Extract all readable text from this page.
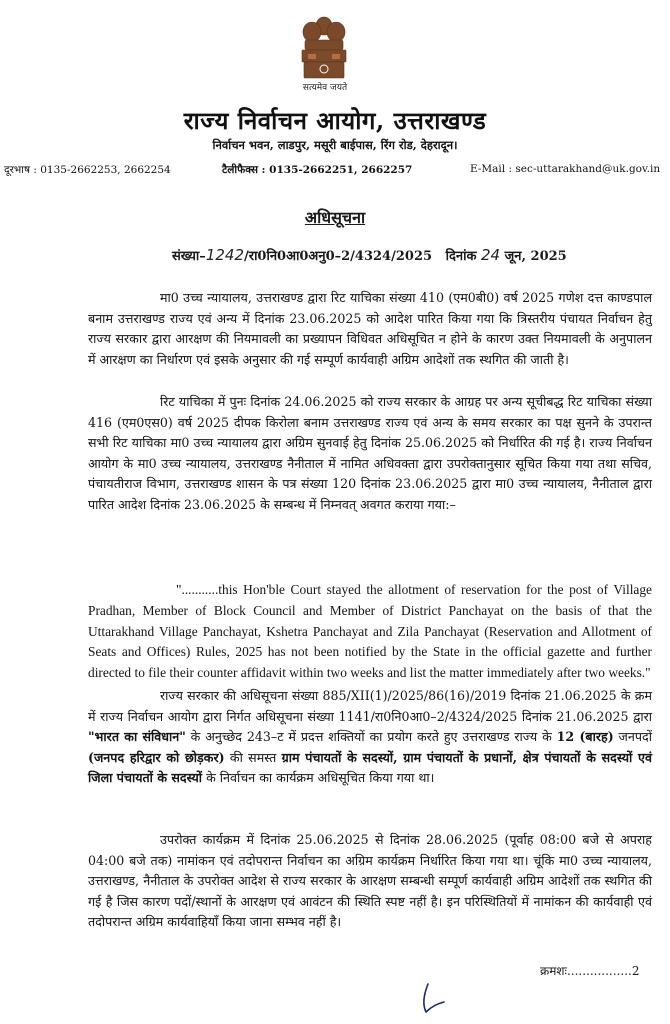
सत्यमेव जयते
राज्य निर्वाचन आयोग, उत्तराखण्ड
निर्वाचन भवन, लाडपुर, मसूरी बाईपास, रिंग रोड, देहरादून।
दूरभाष : 0135-2662253, 2662254	टैलीफैक्स : 0135-2662251, 2662257	E-Mail : sec-uttarakhand@uk.gov.in
अधिसूचना
संख्या–1242/रा0नि0आ0अनु0–2/4324/2025 दिनांक 24 जून, 2025
मा0 उच्च न्यायालय, उत्तराखण्ड द्वारा रिट याचिका संख्या 410 (एम0बी0) वर्ष 2025 गणेश दत्त काण्डपाल बनाम उत्तराखण्ड राज्य एवं अन्य में दिनांक 23.06.2025 को आदेश पारित किया गया कि त्रिस्तरीय पंचायत निर्वाचन हेतु राज्य सरकार द्वारा आरक्षण की नियमावली का प्रख्यापन विधिवत अधिसूचित न होने के कारण उक्त नियमावली के अनुपालन में आरक्षण का निर्धारण एवं इसके अनुसार की गई सम्पूर्ण कार्यवाही अग्रिम आदेशों तक स्थगित की जाती है।
रिट याचिका में पुनः दिनांक 24.06.2025 को राज्य सरकार के आग्रह पर अन्य सूचीबद्ध रिट याचिका संख्या 416 (एम0एस0) वर्ष 2025 दीपक किरोला बनाम उत्तराखण्ड राज्य एवं अन्य के समय सरकार का पक्ष सुनने के उपरान्त सभी रिट याचिका मा0 उच्च न्यायालय द्वारा अग्रिम सुनवाई हेतु दिनांक 25.06.2025 को निर्धारित की गई है। राज्य निर्वाचन आयोग के मा0 उच्च न्यायालय, उत्तराखण्ड नैनीताल में नामित अधिवक्ता द्वारा उपरोक्तानुसार सूचित किया गया तथा सचिव, पंचायतीराज विभाग, उत्तराखण्ड शासन के पत्र संख्या 120 दिनांक 23.06.2025 द्वारा मा0 उच्च न्यायालय, नैनीताल द्वारा पारित आदेश दिनांक 23.06.2025 के सम्बन्ध में निम्नवत् अवगत कराया गया:–
"...........this Hon'ble Court stayed the allotment of reservation for the post of Village Pradhan, Member of Block Council and Member of District Panchayat on the basis of that the Uttarakhand Village Panchayat, Kshetra Panchayat and Zila Panchayat (Reservation and Allotment of Seats and Offices) Rules, 2025 has not been notified by the State in the official gazette and further directed to file their counter affidavit within two weeks and list the matter immediately after two weeks."
राज्य सरकार की अधिसूचना संख्या 885/XII(1)/2025/86(16)/2019 दिनांक 21.06.2025 के क्रम में राज्य निर्वाचन आयोग द्वारा निर्गत अधिसूचना संख्या 1141/रा0नि0आ0–2/4324/2025 दिनांक 21.06.2025 द्वारा "भारत का संविधान" के अनुच्छेद 243–ट में प्रदत्त शक्तियों का प्रयोग करते हुए उत्तराखण्ड राज्य के 12 (बारह) जनपदों (जनपद हरिद्वार को छोड़कर) की समस्त ग्राम पंचायतों के सदस्यों, ग्राम पंचायतों के प्रधानों, क्षेत्र पंचायतों के सदस्यों एवं जिला पंचायतों के सदस्यों के निर्वाचन का कार्यक्रम अधिसूचित किया गया था।
उपरोक्त कार्यक्रम में दिनांक 25.06.2025 से दिनांक 28.06.2025 (पूर्वाह 08:00 बजे से अपराह 04:00 बजे तक) नामांकन एवं तदोपरान्त निर्वाचन का अग्रिम कार्यक्रम निर्धारित किया गया था। चूंकि मा0 उच्च न्यायालय, उत्तराखण्ड, नैनीताल के उपरोक्त आदेश से राज्य सरकार के आरक्षण सम्बन्धी सम्पूर्ण कार्यवाही अग्रिम आदेशों तक स्थगित की गई है जिस कारण पदों/स्थानों के आरक्षण एवं आवंटन की स्थिति स्पष्ट नहीं है। इन परिस्थितियों में नामांकन की कार्यवाही एवं तदोपरान्त अग्रिम कार्यवाहियाँ किया जाना सम्भव नहीं है।
क्रमशः.................2
